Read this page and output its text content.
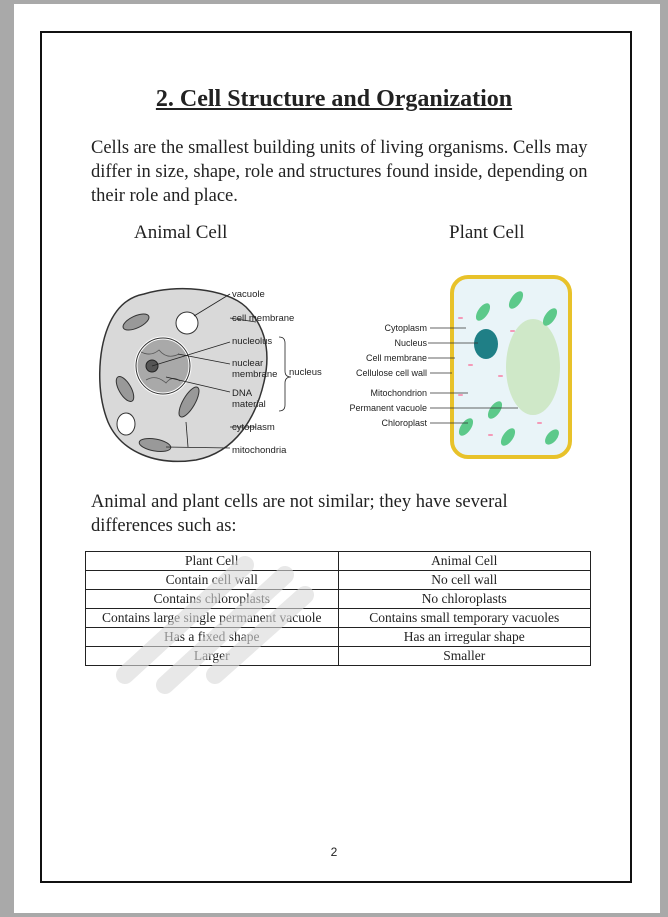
2. Cell Structure and Organization
Cells are the smallest building units of living organisms. Cells may differ in size, shape, role and structures found inside, depending on their role and place.
Animal Cell	Plant Cell
vacuole
cell membrane
nucleolus
nuclear
membrane
DNA
material
nucleus
cytoplasm
mitochondria
Cytoplasm
Nucleus
Cell membrane
Cellulose cell wall
Mitochondrion
Permanent vacuole
Chloroplast
Animal and plant cells are not similar; they have several differences such as:
Plant Cell	Animal Cell
Contain cell wall	No cell wall
Contains chloroplasts	No chloroplasts
Contains large single permanent vacuole	Contains small temporary vacuoles
Has a fixed shape	Has an irregular shape
Larger	Smaller
2
